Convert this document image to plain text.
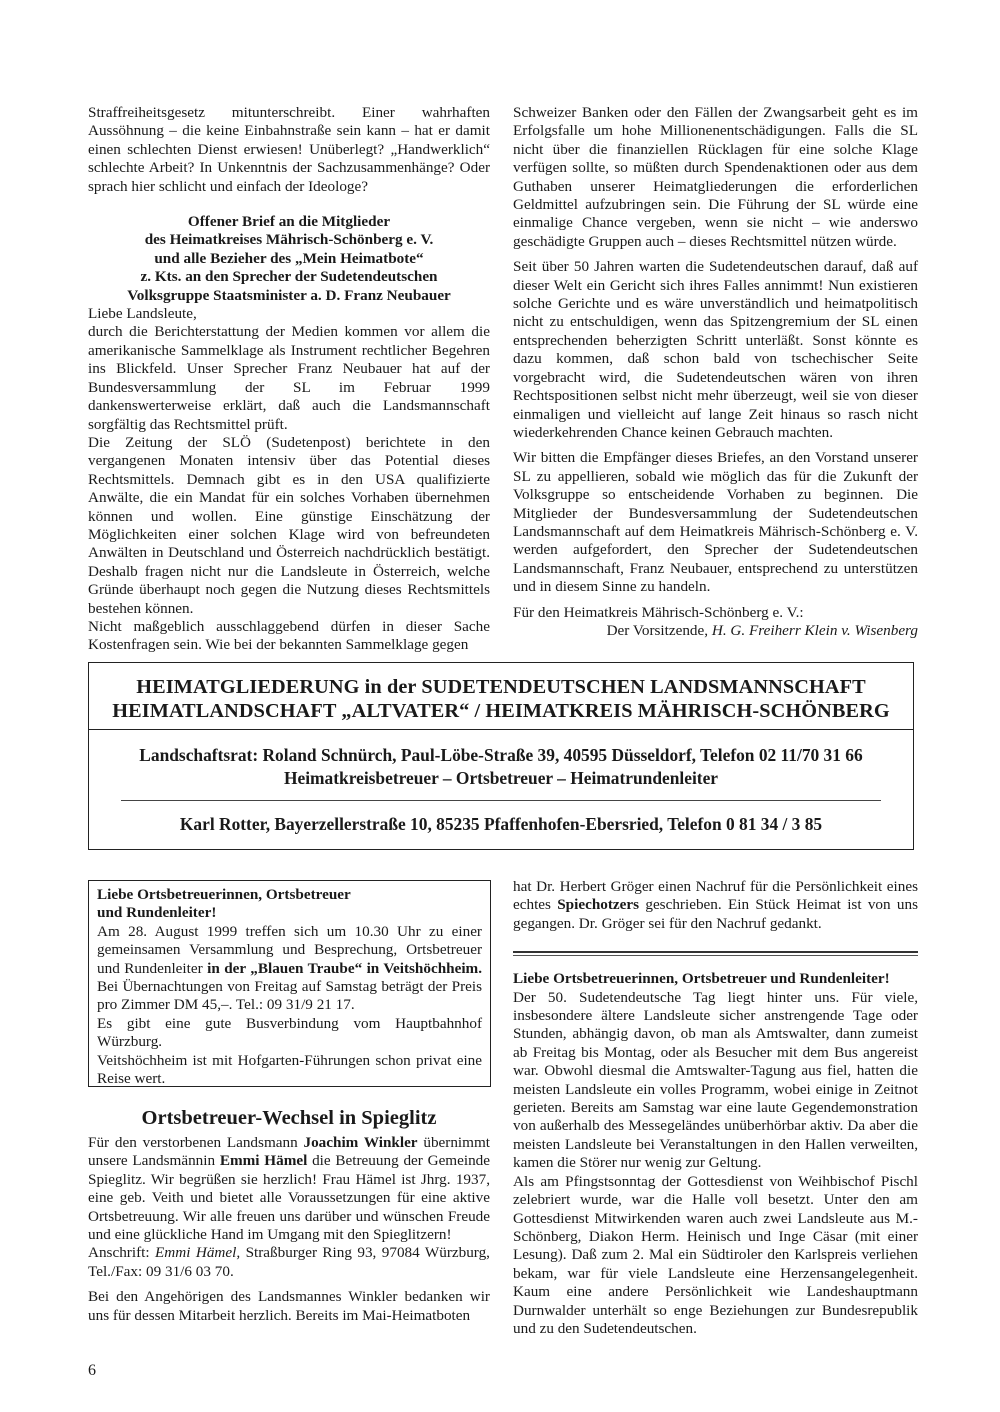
Straffreiheitsgesetz mitunterschreibt. Einer wahrhaften Aussöhnung – die keine Einbahnstraße sein kann – hat er damit einen schlechten Dienst erwiesen! Unüberlegt? „Handwerklich“ schlechte Arbeit? In Unkenntnis der Sachzusammenhänge? Oder sprach hier schlicht und einfach der Ideologe?

Offener Brief an die Mitglieder
des Heimatkreises Mährisch-Schönberg e. V.
und alle Bezieher des „Mein Heimatbote“
z. Kts. an den Sprecher der Sudetendeutschen
Volksgruppe Staatsminister a. D. Franz Neubauer

Liebe Landsleute,

durch die Berichterstattung der Medien kommen vor allem die amerikanische Sammelklage als Instrument rechtlicher Begehren ins Blickfeld. Unser Sprecher Franz Neubauer hat auf der Bundesversammlung der SL im Februar 1999 dankenswerterweise erklärt, daß auch die Landsmannschaft sorgfältig das Rechtsmittel prüft.

Die Zeitung der SLÖ (Sudetenpost) berichtete in den vergangenen Monaten intensiv über das Potential dieses Rechtsmittels. Demnach gibt es in den USA qualifizierte Anwälte, die ein Mandat für ein solches Vorhaben übernehmen können und wollen. Eine günstige Einschätzung der Möglichkeiten einer solchen Klage wird von befreundeten Anwälten in Deutschland und Österreich nachdrücklich bestätigt. Deshalb fragen nicht nur die Landsleute in Österreich, welche Gründe überhaupt noch gegen die Nutzung dieses Rechtsmittels bestehen können.

Nicht maßgeblich ausschlaggebend dürfen in dieser Sache Kostenfragen sein. Wie bei der bekannten Sammelklage gegen

Schweizer Banken oder den Fällen der Zwangsarbeit geht es im Erfolgsfalle um hohe Millionenentschädigungen. Falls die SL nicht über die finanziellen Rücklagen für eine solche Klage verfügen sollte, so müßten durch Spendenaktionen oder aus dem Guthaben unserer Heimatgliederungen die erforderlichen Geldmittel aufzubringen sein. Die Führung der SL würde eine einmalige Chance vergeben, wenn sie nicht – wie anderswo geschädigte Gruppen auch – dieses Rechtsmittel nützen würde.

Seit über 50 Jahren warten die Sudetendeutschen darauf, daß auf dieser Welt ein Gericht sich ihres Falles annimmt! Nun existieren solche Gerichte und es wäre unverständlich und heimatpolitisch nicht zu entschuldigen, wenn das Spitzengremium der SL einen entsprechenden beherzigten Schritt unterläßt. Sonst könnte es dazu kommen, daß schon bald von tschechischer Seite vorgebracht wird, die Sudetendeutschen wären von ihren Rechtspositionen selbst nicht mehr überzeugt, weil sie von dieser einmaligen und vielleicht auf lange Zeit hinaus so rasch nicht wiederkehrenden Chance keinen Gebrauch machten.

Wir bitten die Empfänger dieses Briefes, an den Vorstand unserer SL zu appellieren, sobald wie möglich das für die Zukunft der Volksgruppe so entscheidende Vorhaben zu beginnen. Die Mitglieder der Bundesversammlung der Sudetendeutschen Landsmannschaft auf dem Heimatkreis Mährisch-Schönberg e. V. werden aufgefordert, den Sprecher der Sudetendeutschen Landsmannschaft, Franz Neubauer, entsprechend zu unterstützen und in diesem Sinne zu handeln.

Für den Heimatkreis Mährisch-Schönberg e. V.:

Der Vorsitzende, H. G. Freiherr Klein v. Wisenberg

HEIMATGLIEDERUNG in der SUDETENDEUTSCHEN LANDSMANNSCHAFT
HEIMATLANDSCHAFT „ALTVATER“ / HEIMATKREIS MÄHRISCH-SCHÖNBERG
Landschaftsrat: Roland Schnürch, Paul-Löbe-Straße 39, 40595 Düsseldorf, Telefon 02 11/70 31 66
Heimatkreisbetreuer – Ortsbetreuer – Heimatrundenleiter
Karl Rotter, Bayerzellerstraße 10, 85235 Pfaffenhofen-Ebersried, Telefon 0 81 34 / 3 85

Liebe Ortsbetreuerinnen, Ortsbetreuer

und Rundenleiter!

Am 28. August 1999 treffen sich um 10.30 Uhr zu einer gemeinsamen Versammlung und Besprechung, Ortsbetreuer und Rundenleiter in der „Blauen Traube“ in Veitshöchheim. Bei Übernachtungen von Freitag auf Samstag beträgt der Preis pro Zimmer DM 45,–. Tel.: 09 31/9 21 17.

Es gibt eine gute Busverbindung vom Hauptbahnhof Würzburg.

Veitshöchheim ist mit Hofgarten-Führungen schon privat eine Reise wert.

Ortsbetreuer-Wechsel in Spieglitz

Für den verstorbenen Landsmann Joachim Winkler übernimmt unsere Landsmännin Emmi Hämel die Betreuung der Gemeinde Spieglitz. Wir begrüßen sie herzlich! Frau Hämel ist Jhrg. 1937, eine geb. Veith und bietet alle Voraussetzungen für eine aktive Ortsbetreuung. Wir alle freuen uns darüber und wünschen Freude und eine glückliche Hand im Umgang mit den Spieglitzern!

Anschrift: Emmi Hämel, Straßburger Ring 93, 97084 Würzburg, Tel./Fax: 09 31/6 03 70.

Bei den Angehörigen des Landsmannes Winkler bedanken wir uns für dessen Mitarbeit herzlich. Bereits im Mai-Heimatboten

hat Dr. Herbert Gröger einen Nachruf für die Persönlichkeit eines echtes Spiechotzers geschrieben. Ein Stück Heimat ist von uns gegangen. Dr. Gröger sei für den Nachruf gedankt.

Liebe Ortsbetreuerinnen, Ortsbetreuer und Rundenleiter!

Der 50. Sudetendeutsche Tag liegt hinter uns. Für viele, insbesondere ältere Landsleute sicher anstrengende Tage oder Stunden, abhängig davon, ob man als Amtswalter, dann zumeist ab Freitag bis Montag, oder als Besucher mit dem Bus angereist war. Obwohl diesmal die Amtswalter-Tagung aus fiel, hatten die meisten Landsleute ein volles Programm, wobei einige in Zeitnot gerieten. Bereits am Samstag war eine laute Gegendemonstration von außerhalb des Messegeländes unüberhörbar aktiv. Da aber die meisten Landsleute bei Veranstaltungen in den Hallen verweilten, kamen die Störer nur wenig zur Geltung.

Als am Pfingstsonntag der Gottesdienst von Weihbischof Pischl zelebriert wurde, war die Halle voll besetzt. Unter den am Gottesdienst Mitwirkenden waren auch zwei Landsleute aus M.-Schönberg, Diakon Herm. Heinisch und Inge Cäsar (mit einer Lesung). Daß zum 2. Mal ein Südtiroler den Karlspreis verliehen bekam, war für viele Landsleute eine Herzensangelegenheit. Kaum eine andere Persönlichkeit wie Landeshauptmann Durnwalder unterhält so enge Beziehungen zur Bundesrepublik und zu den Sudetendeutschen.

6
